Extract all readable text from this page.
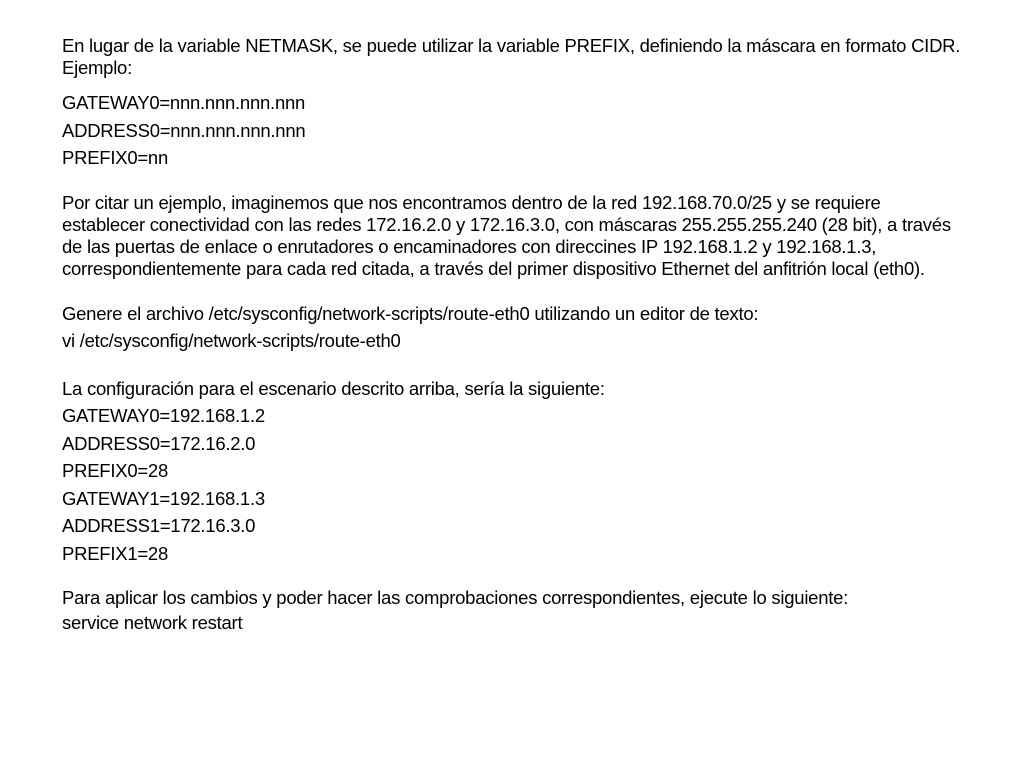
En lugar de la variable NETMASK, se puede utilizar la variable PREFIX, definiendo la máscara en formato CIDR. Ejemplo:

GATEWAY0=nnn.nnn.nnn.nnn
ADDRESS0=nnn.nnn.nnn.nnn
PREFIX0=nn

Por citar un ejemplo, imaginemos que nos encontramos dentro de la red 192.168.70.0/25 y se requiere establecer conectividad con las redes 172.16.2.0 y 172.16.3.0, con máscaras 255.255.255.240 (28 bit), a través de las puertas de enlace o enrutadores o encaminadores con direccines IP 192.168.1.2 y 192.168.1.3, correspondientemente para cada red citada, a través del primer dispositivo Ethernet del anfitrión local (eth0).

Genere el archivo /etc/sysconfig/network-scripts/route-eth0 utilizando un editor de texto:
vi /etc/sysconfig/network-scripts/route-eth0
La configuración para el escenario descrito arriba, sería la siguiente:
GATEWAY0=192.168.1.2
ADDRESS0=172.16.2.0
PREFIX0=28
GATEWAY1=192.168.1.3
ADDRESS1=172.16.3.0
PREFIX1=28

Para aplicar los cambios y poder hacer las comprobaciones correspondientes, ejecute lo siguiente:

service network restart
